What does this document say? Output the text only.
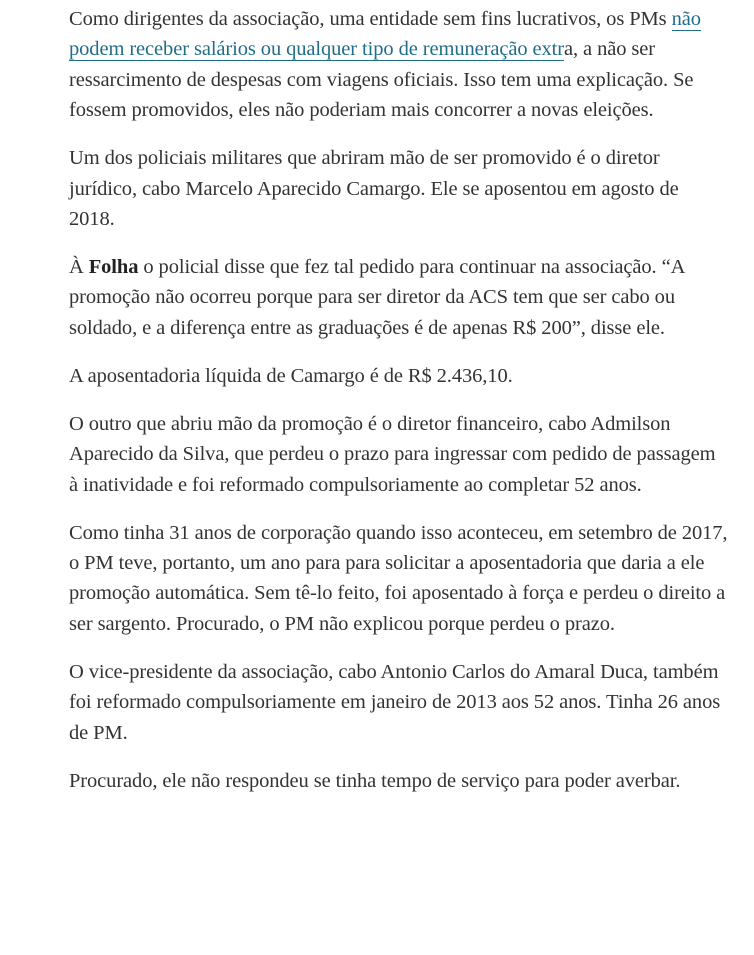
Como dirigentes da associação, uma entidade sem fins lucrativos, os PMs não podem receber salários ou qualquer tipo de remuneração extra, a não ser ressarcimento de despesas com viagens oficiais. Isso tem uma explicação. Se fossem promovidos, eles não poderiam mais concorrer a novas eleições.

Um dos policiais militares que abriram mão de ser promovido é o diretor jurídico, cabo Marcelo Aparecido Camargo. Ele se aposentou em agosto de 2018.

À Folha o policial disse que fez tal pedido para continuar na associação. “A promoção não ocorreu porque para ser diretor da ACS tem que ser cabo ou soldado, e a diferença entre as graduações é de apenas R$ 200”, disse ele.

A aposentadoria líquida de Camargo é de R$ 2.436,10.

O outro que abriu mão da promoção é o diretor financeiro, cabo Admilson Aparecido da Silva, que perdeu o prazo para ingressar com pedido de passagem à inatividade e foi reformado compulsoriamente ao completar 52 anos.

Como tinha 31 anos de corporação quando isso aconteceu, em setembro de 2017, o PM teve, portanto, um ano para para solicitar a aposentadoria que daria a ele promoção automática. Sem tê-lo feito, foi aposentado à força e perdeu o direito a ser sargento. Procurado, o PM não explicou porque perdeu o prazo.

O vice-presidente da associação, cabo Antonio Carlos do Amaral Duca, também foi reformado compulsoriamente em janeiro de 2013 aos 52 anos. Tinha 26 anos de PM.

Procurado, ele não respondeu se tinha tempo de serviço para poder averbar.
